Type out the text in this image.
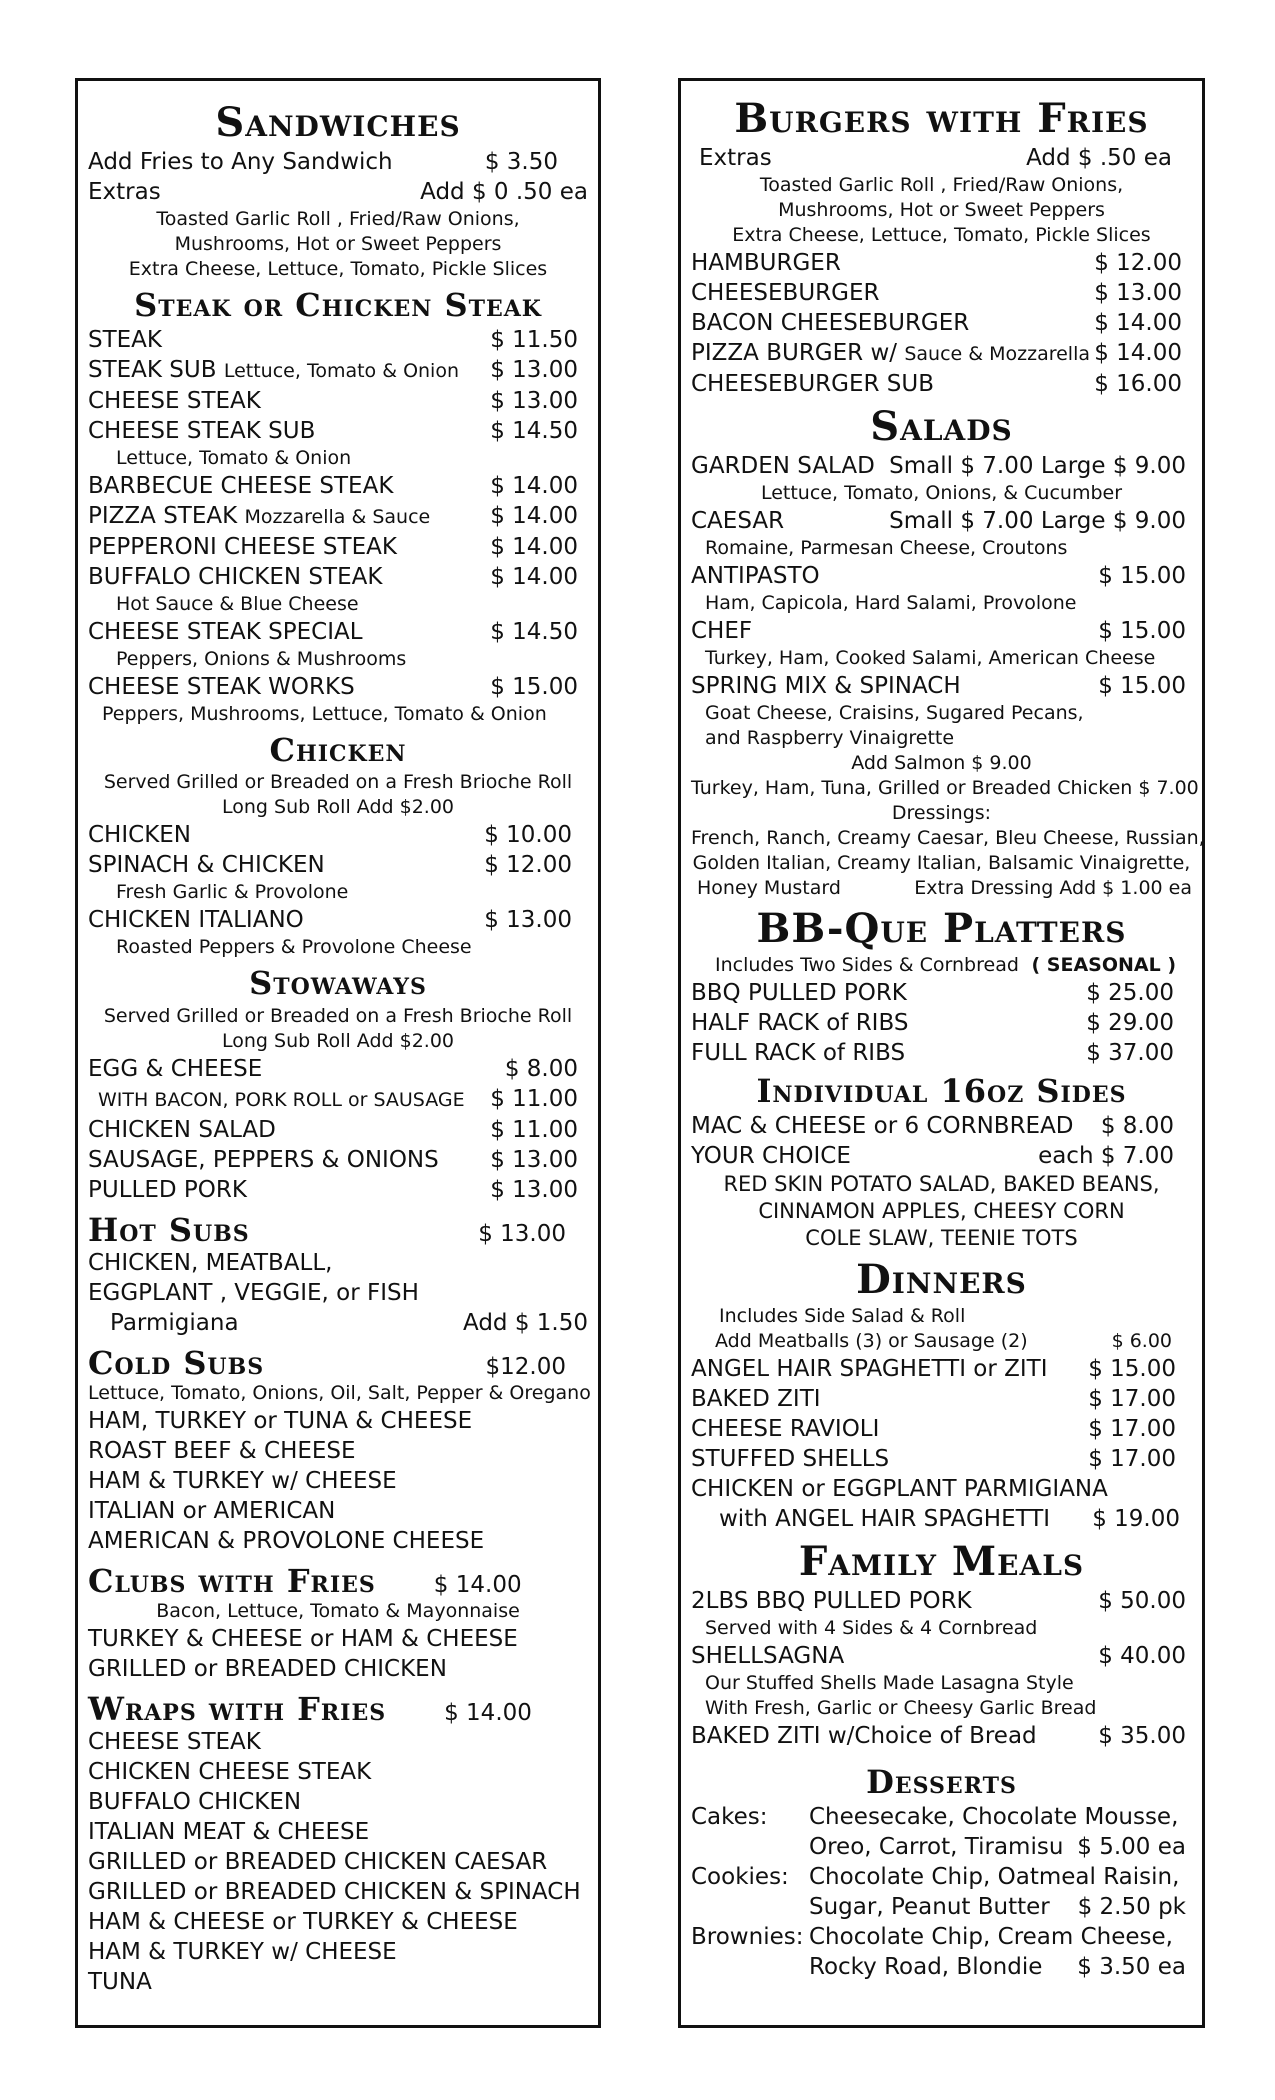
Sandwiches
Add Fries to Any Sandwich	$ 3.50
Extras	Add $ 0 .50 ea
Toasted Garlic Roll , Fried/Raw Onions,
Mushrooms, Hot or Sweet Peppers
Extra Cheese, Lettuce, Tomato, Pickle Slices
Steak or Chicken Steak
STEAK	$ 11.50
STEAK SUB Lettuce, Tomato & Onion	$ 13.00
CHEESE STEAK	$ 13.00
CHEESE STEAK SUB	$ 14.50
Lettuce, Tomato & Onion
BARBECUE CHEESE STEAK	$ 14.00
PIZZA STEAK Mozzarella & Sauce	$ 14.00
PEPPERONI CHEESE STEAK	$ 14.00
BUFFALO CHICKEN STEAK	$ 14.00
Hot Sauce & Blue Cheese
CHEESE STEAK SPECIAL	$ 14.50
Peppers, Onions & Mushrooms
CHEESE STEAK WORKS	$ 15.00
Peppers, Mushrooms, Lettuce, Tomato & Onion
Chicken
Served Grilled or Breaded on a Fresh Brioche Roll
Long Sub Roll Add $2.00
CHICKEN	$ 10.00
SPINACH & CHICKEN	$ 12.00
Fresh Garlic & Provolone
CHICKEN ITALIANO	$ 13.00
Roasted Peppers & Provolone Cheese
Stowaways
Served Grilled or Breaded on a Fresh Brioche Roll
Long Sub Roll Add $2.00
EGG & CHEESE	$ 8.00
WITH BACON, PORK ROLL or SAUSAGE	$ 11.00
CHICKEN SALAD	$ 11.00
SAUSAGE, PEPPERS & ONIONS	$ 13.00
PULLED PORK	$ 13.00
Hot Subs	$ 13.00
CHICKEN, MEATBALL,
EGGPLANT , VEGGIE, or FISH
Parmigiana	Add $ 1.50
Cold Subs	$12.00
Lettuce, Tomato, Onions, Oil, Salt, Pepper & Oregano
HAM, TURKEY or TUNA & CHEESE
ROAST BEEF & CHEESE
HAM & TURKEY w/ CHEESE
ITALIAN or AMERICAN
AMERICAN & PROVOLONE CHEESE
Clubs with Fries	$ 14.00
Bacon, Lettuce, Tomato & Mayonnaise
TURKEY & CHEESE or HAM & CHEESE
GRILLED or BREADED CHICKEN
Wraps with Fries	$ 14.00
CHEESE STEAK
CHICKEN CHEESE STEAK
BUFFALO CHICKEN
ITALIAN MEAT & CHEESE
GRILLED or BREADED CHICKEN CAESAR
GRILLED or BREADED CHICKEN & SPINACH
HAM & CHEESE or TURKEY & CHEESE
HAM & TURKEY w/ CHEESE
TUNA
Burgers with Fries
Extras	Add $ .50 ea
Toasted Garlic Roll , Fried/Raw Onions,
Mushrooms, Hot or Sweet Peppers
Extra Cheese, Lettuce, Tomato, Pickle Slices
HAMBURGER	$ 12.00
CHEESEBURGER	$ 13.00
BACON CHEESEBURGER	$ 14.00
PIZZA BURGER w/ Sauce & Mozzarella $ 14.00
CHEESEBURGER SUB	$ 16.00
Salads
GARDEN SALAD Small $ 7.00 Large $ 9.00
Lettuce, Tomato, Onions, & Cucumber
CAESAR	Small $ 7.00 Large $ 9.00
Romaine, Parmesan Cheese, Croutons
ANTIPASTO	$ 15.00
Ham, Capicola, Hard Salami, Provolone
CHEF	$ 15.00
Turkey, Ham, Cooked Salami, American Cheese
SPRING MIX & SPINACH	$ 15.00
Goat Cheese, Craisins, Sugared Pecans,
and Raspberry Vinaigrette
Add Salmon $ 9.00
Turkey, Ham, Tuna, Grilled or Breaded Chicken $ 7.00
Dressings:
French, Ranch, Creamy Caesar, Bleu Cheese, Russian,
Golden Italian, Creamy Italian, Balsamic Vinaigrette,
Honey Mustard	Extra Dressing Add $ 1.00 ea
BB-Que Platters
Includes Two Sides & Cornbread ( SEASONAL )
BBQ PULLED PORK	$ 25.00
HALF RACK of RIBS	$ 29.00
FULL RACK of RIBS	$ 37.00
Individual 16oz Sides
MAC & CHEESE or 6 CORNBREAD	$ 8.00
YOUR CHOICE	each $ 7.00
RED SKIN POTATO SALAD, BAKED BEANS,
CINNAMON APPLES, CHEESY CORN
COLE SLAW, TEENIE TOTS
Dinners
Includes Side Salad & Roll
Add Meatballs (3) or Sausage (2)	$ 6.00
ANGEL HAIR SPAGHETTI or ZITI	$ 15.00
BAKED ZITI	$ 17.00
CHEESE RAVIOLI	$ 17.00
STUFFED SHELLS	$ 17.00
CHICKEN or EGGPLANT PARMIGIANA
with ANGEL HAIR SPAGHETTI	$ 19.00
Family Meals
2LBS BBQ PULLED PORK	$ 50.00
Served with 4 Sides & 4 Cornbread
SHELLSAGNA	$ 40.00
Our Stuffed Shells Made Lasagna Style
With Fresh, Garlic or Cheesy Garlic Bread
BAKED ZITI w/Choice of Bread	$ 35.00
Desserts
Cakes:	Cheesecake, Chocolate Mousse,
Oreo, Carrot, Tiramisu $ 5.00 ea
Cookies: Chocolate Chip, Oatmeal Raisin,
Sugar, Peanut Butter $ 2.50 pk
Brownies: Chocolate Chip, Cream Cheese,
Rocky Road, Blondie $ 3.50 ea
